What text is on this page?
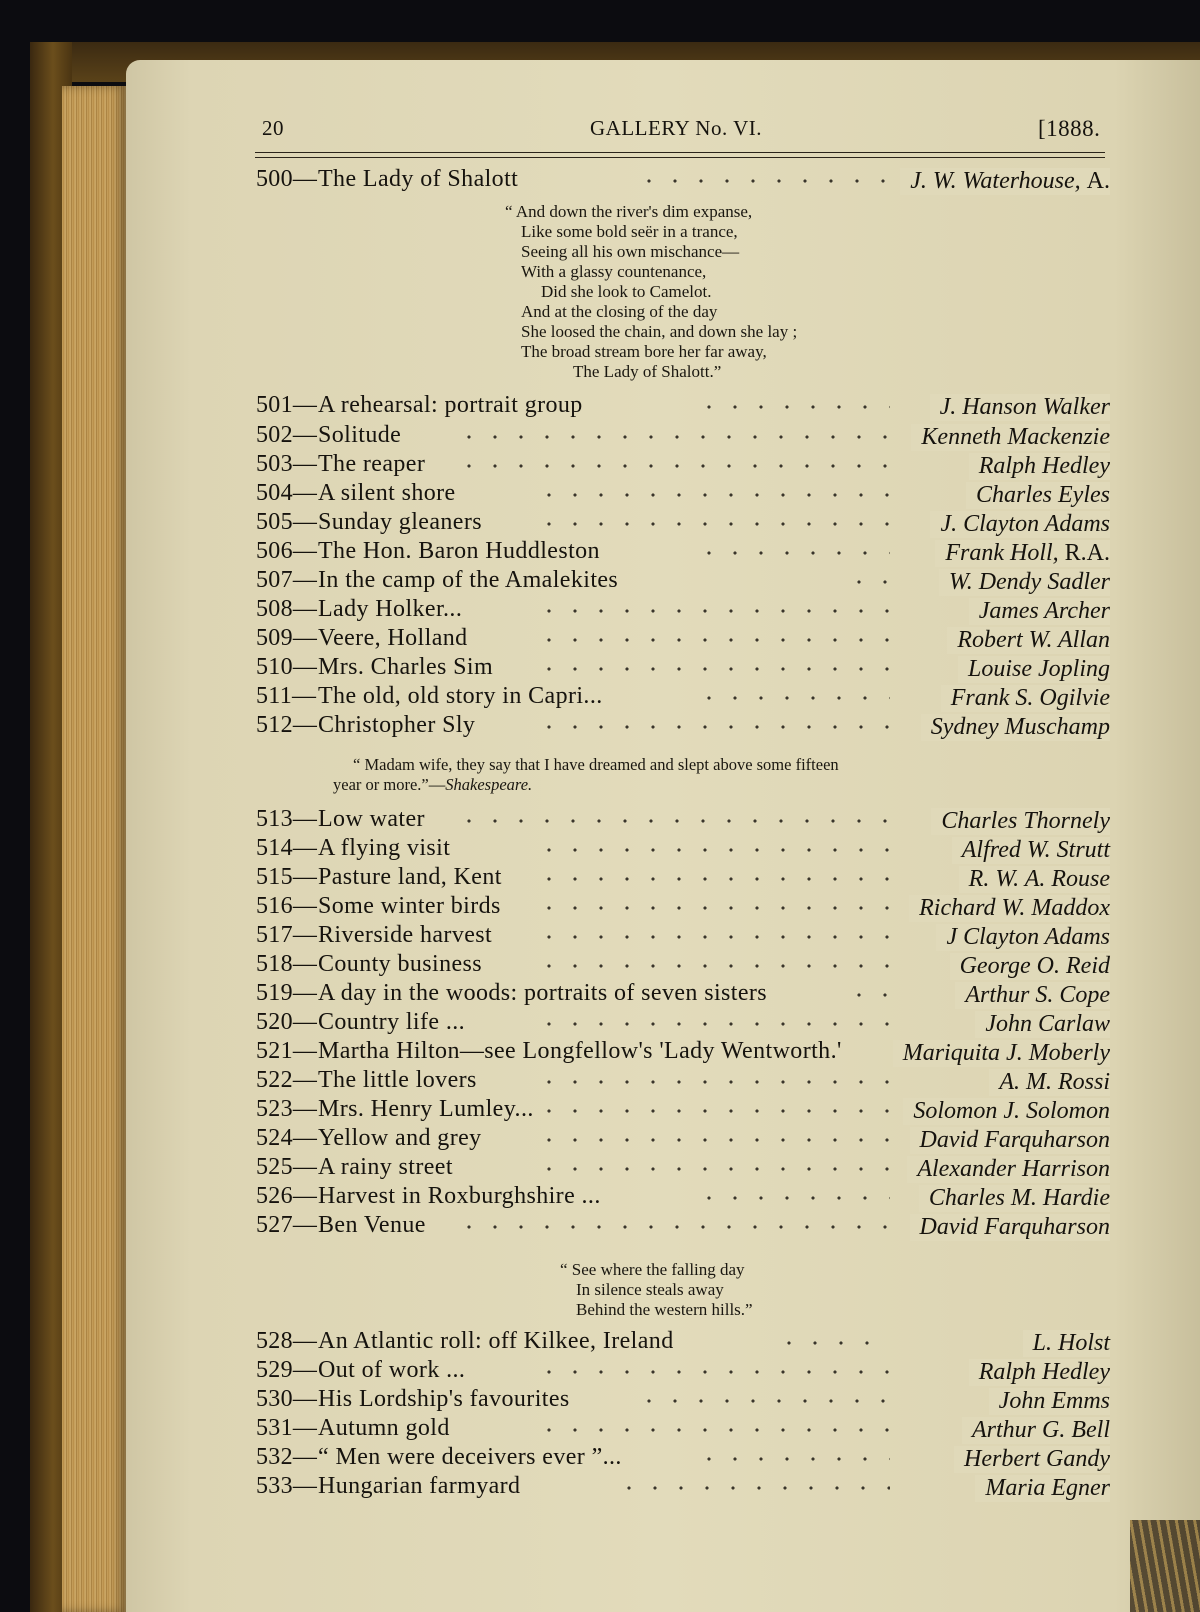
20	GALLERY No. VI.	[1888.
500— The Lady of Shalott	J. W. Waterhouse, A.
“ And down the river's dim expanse,
Like some bold seër in a trance,
Seeing all his own mischance—
With a glassy countenance,
Did she look to Camelot.
And at the closing of the day
She loosed the chain, and down she lay ;
The broad stream bore her far away,
The Lady of Shalott.”
501— A rehearsal: portrait group	J. Hanson Walker
502— Solitude	Kenneth Mackenzie
503— The reaper	Ralph Hedley
504— A silent shore	Charles Eyles
505— Sunday gleaners	J. Clayton Adams
506— The Hon. Baron Huddleston	Frank Holl, R.A.
507— In the camp of the Amalekites	W. Dendy Sadler
508— Lady Holker...	James Archer
509— Veere, Holland	Robert W. Allan
510— Mrs. Charles Sim	Louise Jopling
511— The old, old story in Capri...	Frank S. Ogilvie
512— Christopher Sly	Sydney Muschamp
“ Madam wife, they say that I have dreamed and slept above some fifteen
year or more.”—Shakespeare.
513— Low water	Charles Thornely
514— A flying visit	Alfred W. Strutt
515— Pasture land, Kent	R. W. A. Rouse
516— Some winter birds	Richard W. Maddox
517— Riverside harvest	J Clayton Adams
518— County business	George O. Reid
519— A day in the woods: portraits of seven sisters	Arthur S. Cope
520— Country life ...	John Carlaw
521— Martha Hilton—see Longfellow's 'Lady Wentworth.'	Mariquita J. Moberly
522— The little lovers	A. M. Rossi
523— Mrs. Henry Lumley...	Solomon J. Solomon
524— Yellow and grey	David Farquharson
525— A rainy street	Alexander Harrison
526— Harvest in Roxburghshire ...	Charles M. Hardie
527— Ben Venue	David Farquharson
“ See where the falling day
In silence steals away
Behind the western hills.”
528— An Atlantic roll: off Kilkee, Ireland	L. Holst
529— Out of work ...	Ralph Hedley
530— His Lordship's favourites	John Emms
531— Autumn gold	Arthur G. Bell
532— “ Men were deceivers ever ”...	Herbert Gandy
533— Hungarian farmyard	Maria Egner
